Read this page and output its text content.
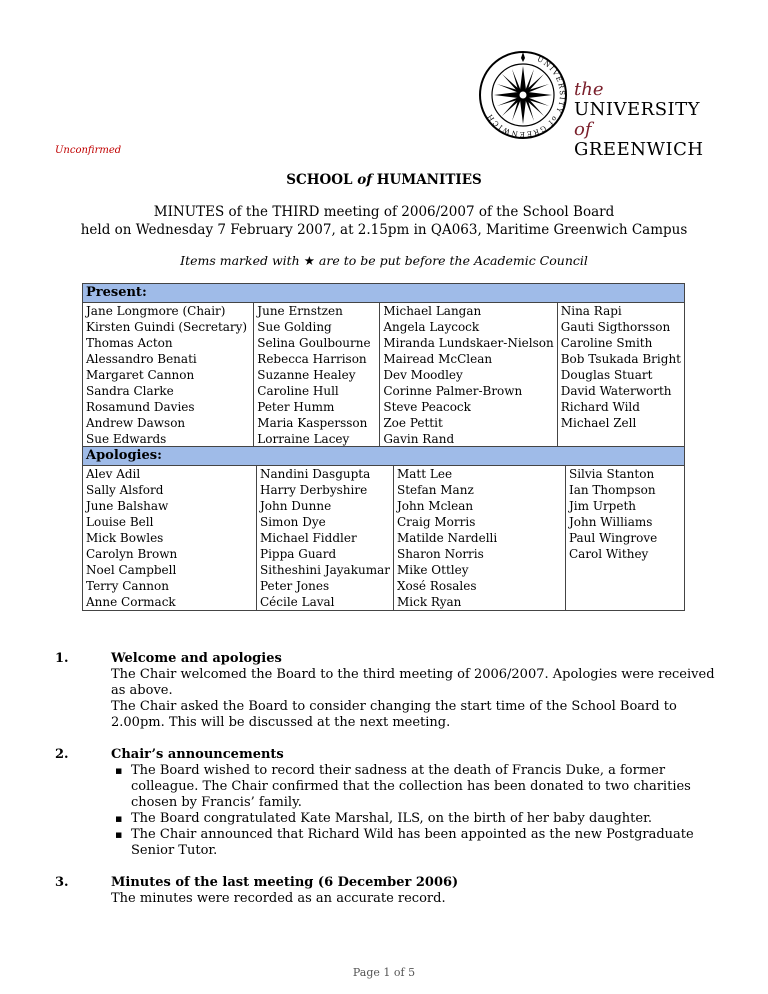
UNIVERSITY of GREENWICH
the
UNIVERSITY
of
GREENWICH
Unconfirmed
SCHOOL of HUMANITIES
MINUTES of the THIRD meeting of 2006/2007 of the School Board
held on Wednesday 7 February 2007, at 2.15pm in QA063, Maritime Greenwich Campus
Items marked with ★ are to be put before the Academic Council
Present:

Jane Longmore (Chair)
Kirsten Guindi (Secretary)
Thomas Acton
Alessandro Benati
Margaret Cannon
Sandra Clarke
Rosamund Davies
Andrew Dawson
Sue Edwards

June Ernstzen
Sue Golding
Selina Goulbourne
Rebecca Harrison
Suzanne Healey
Caroline Hull
Peter Humm
Maria Kaspersson
Lorraine Lacey

Michael Langan
Angela Laycock
Miranda Lundskaer-Nielson
Mairead McClean
Dev Moodley
Corinne Palmer-Brown
Steve Peacock
Zoe Pettit
Gavin Rand

Nina Rapi
Gauti Sigthorsson
Caroline Smith
Bob Tsukada Bright
Douglas Stuart
David Waterworth
Richard Wild
Michael Zell
Apologies:

Alev Adil
Sally Alsford
June Balshaw
Louise Bell
Mick Bowles
Carolyn Brown
Noel Campbell
Terry Cannon
Anne Cormack

Nandini Dasgupta
Harry Derbyshire
John Dunne
Simon Dye
Michael Fiddler
Pippa Guard
Sitheshini Jayakumar
Peter Jones
Cécile Laval

Matt Lee
Stefan Manz
John Mclean
Craig Morris
Matilde Nardelli
Sharon Norris
Mike Ottley
Xosé Rosales
Mick Ryan

Silvia Stanton
Ian Thompson
Jim Urpeth
John Williams
Paul Wingrove
Carol Withey
1.	Welcome and apologies

The Chair welcomed the Board to the third meeting of 2006/2007. Apologies were received as above.

The Chair asked the Board to consider changing the start time of the School Board to 2.00pm. This will be discussed at the next meeting.

2.	Chair’s announcements
▪ The Board wished to record their sadness at the death of Francis Duke, a former colleague. The Chair confirmed that the collection has been donated to two charities chosen by Francis’ family.
▪ The Board congratulated Kate Marshal, ILS, on the birth of her baby daughter.
▪ The Chair announced that Richard Wild has been appointed as the new Postgraduate Senior Tutor.
3.	Minutes of the last meeting (6 December 2006)

The minutes were recorded as an accurate record.

Page 1 of 5
